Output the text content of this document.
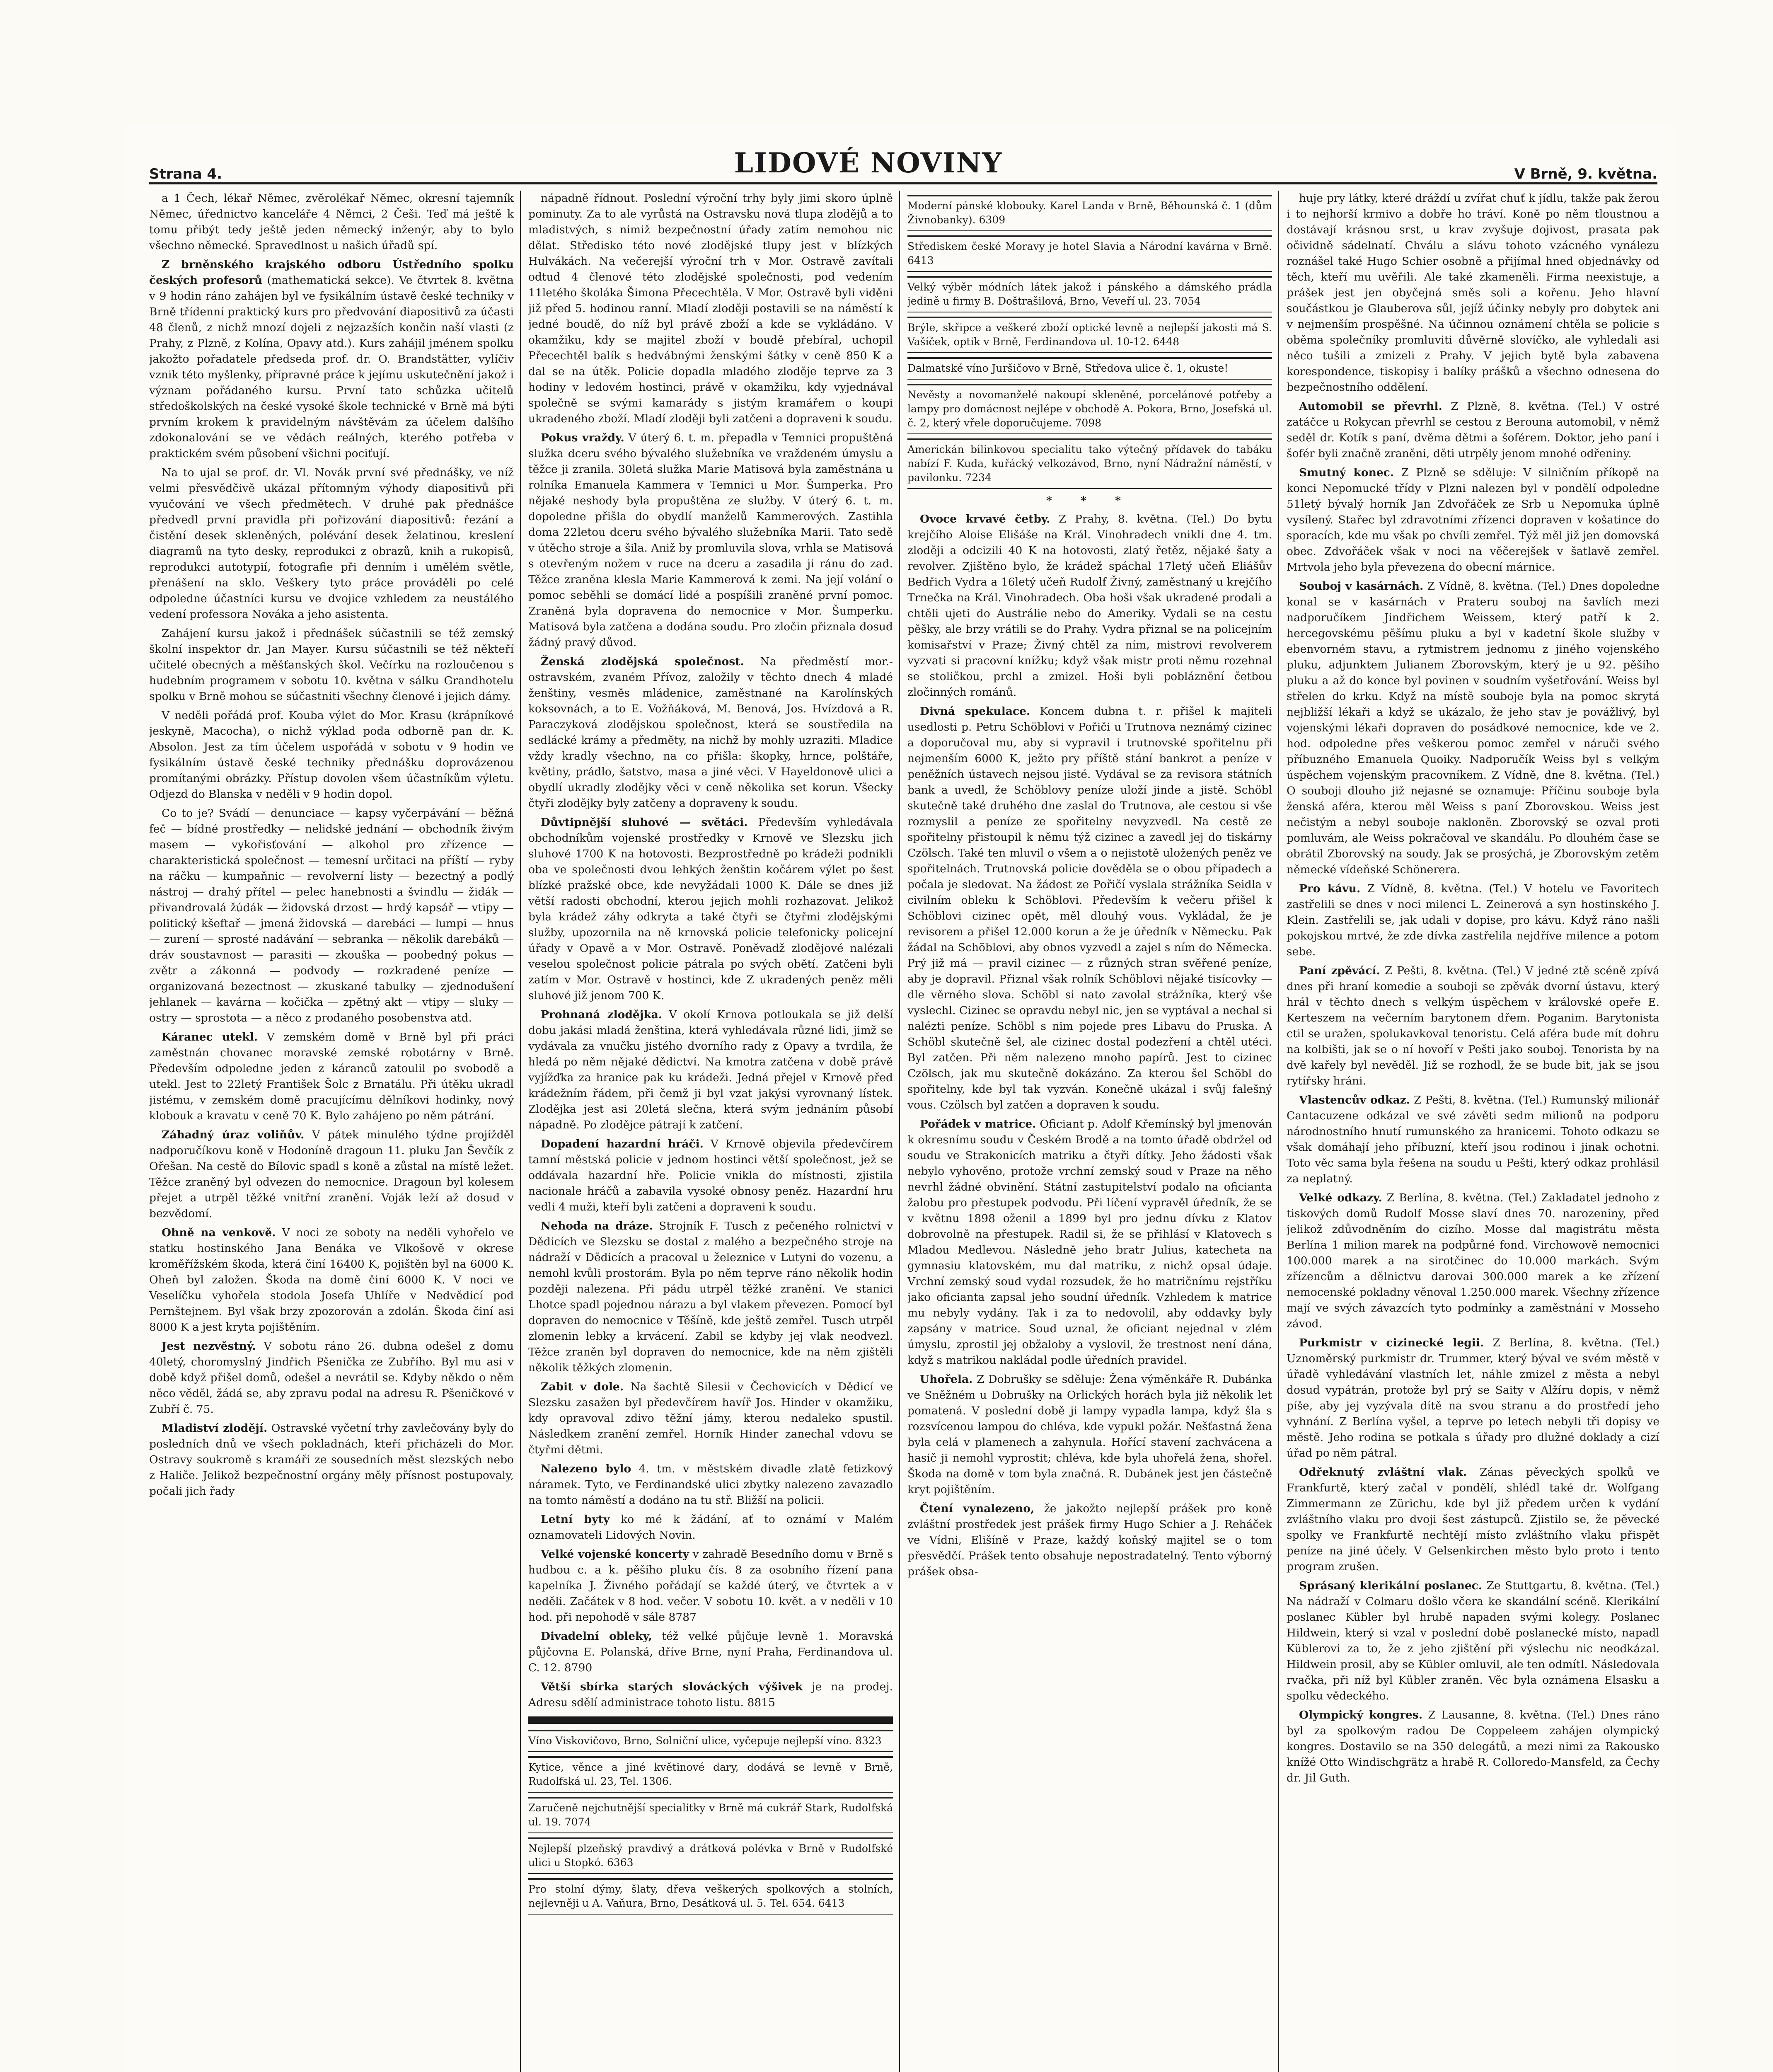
Strana 4.	LIDOVÉ NOVINY	V Brně, 9. května.

a 1 Čech, lékař Němec, zvěrolékař Němec, okresní tajemník Němec, úřednictvo kanceláře 4 Němci, 2 Češi. Teď má ještě k tomu přibýt tedy ještě jeden německý inženýr, aby to bylo všechno německé. Spravedlnost u našich úřadů spí.

Z brněnského krajského odboru Ústředního spolku českých profesorů (mathematická sekce). Ve čtvrtek 8. května v 9 hodin ráno zahájen byl ve fysikálním ústavě české techniky v Brně třídenní praktický kurs pro předvování diapositivů za účasti 48 členů, z nichž mnozí dojeli z nejzazších končin naší vlasti (z Prahy, z Plzně, z Kolína, Opavy atd.). Kurs zahájil jménem spolku jakožto pořadatele předseda prof. dr. O. Brandstätter, vylíčiv vznik této myšlenky, přípravné práce k jejímu uskutečnění jakož i význam pořádaného kursu. První tato schůzka učitelů středoškolských na české vysoké škole technické v Brně má býti prvním krokem k pravidelným návštěvám za účelem dalšího zdokonalování se ve vědách reálných, kterého potřeba v praktickém svém působení všichni pociťují.

Na to ujal se prof. dr. Vl. Novák první své přednášky, ve níž velmi přesvědčivě ukázal přítomným výhody diapositivů při vyučování ve všech předmětech. V druhé pak přednášce předvedl první pravidla při pořizování diapositivů: řezání a čistění desek skleněných, polévání desek želatinou, kreslení diagramů na tyto desky, reprodukci z obrazů, knih a rukopisů, reprodukci autotypií, fotografie při denním i umělém světle, přenášení na sklo. Veškery tyto práce prováděli po celé odpoledne účastníci kursu ve dvojice vzhledem za neustálého vedení professora Nováka a jeho asistenta.

Zahájení kursu jakož i přednášek súčastnili se též zemský školní inspektor dr. Jan Mayer. Kursu súčastnili se též někteří učitelé obecných a měšťanských škol. Večírku na rozloučenou s hudebním programem v sobotu 10. května v sálku Grandhotelu spolku v Brně mohou se súčastniti všechny členové i jejich dámy.

V neděli pořádá prof. Kouba výlet do Mor. Krasu (krápníkové jeskyně, Macocha), o nichž výklad poda odborně pan dr. K. Absolon. Jest za tím účelem uspořádá v sobotu v 9 hodin ve fysikálním ústavě české techniky přednášku doprovázenou promítanými obrázky. Přístup dovolen všem účastníkům výletu. Odjezd do Blanska v neděli v 9 hodin dopol.

Co to je? Svádí — denunciace — kapsy vyčerpávání — běžná feč — bídné prostředky — nelidské jednání — obchodník živým masem — vykořisťování — alkohol pro zřízence — charakteristická společnost — temesní určitaci na příští — ryby na ráčku — kumpaňnic — revolverní listy — bezectný a podlý nástroj — drahý přítel — pelec hanebnosti a švindlu — židák — přivandrovalá žúdák — židovská drzost — hrdý kapsář — vtipy — politický kšeftař — jmená židovská — darebáci — lumpi — hnus — zurení — sprosté nadávání — sebranka — několik darebáků — dráv soustavnost — parasiti — zkouška — poobedný pokus — zvětr a zákonná — podvody — rozkradené peníze — organizovaná bezectnost — zkuskané tabulky — zjednodušení jehlanek — kavárna — kočička — zpětný akt — vtipy — sluky — ostry — sprostota — a něco z prodaného posobenstva atd.

Káranec utekl. V zemském domě v Brně byl při práci zaměstnán chovanec moravské zemské robotárny v Brně. Především odpoledne jeden z káranců zatoulil po svobodě a utekl. Jest to 22letý František Šolc z Brnatálu. Při útěku ukradl jistému, v zemském domě pracujícímu dělníkovi hodinky, nový klobouk a kravatu v ceně 70 K. Bylo zahájeno po něm pátrání.

Záhadný úraz voliňův. V pátek minulého týdne projížděl nadporučíkovu koně v Hodoníně dragoun 11. pluku Jan Ševčík z Ořešan. Na cestě do Bílovic spadl s koně a zůstal na místě ležet. Těžce zraněný byl odvezen do nemocnice. Dragoun byl kolesem přejet a utrpěl těžké vnitřní zranění. Voják leží až dosud v bezvědomí.

Ohně na venkově. V noci ze soboty na neděli vyhořelo ve statku hostinského Jana Benáka ve Vlkošově v okrese kroměřížském škoda, která činí 16400 K, pojištěn byl na 6000 K. Oheň byl založen. Škoda na domě činí 6000 K. V noci ve Veselíčku vyhořela stodola Josefa Uhlíře v Nedvědicí pod Pernštejnem. Byl však brzy zpozorován a zdolán. Škoda činí asi 8000 K a jest kryta pojištěním.

Jest nezvěstný. V sobotu ráno 26. dubna odešel z domu 40letý, choromyslný Jindřich Pšenička ze Zubřího. Byl mu asi v době když přišel domů, odešel a nevrátil se. Kdyby někdo o něm něco věděl, žádá se, aby zpravu podal na adresu R. Pšeničkové v Zubří č. 75.

Mladiství zlodějí. Ostravské vyčetní trhy zavlečovány byly do posledních dnů ve všech pokladnách, kteří přicházeli do Mor. Ostravy soukromě s kramáři ze sousedních měst slezských nebo z Haliče. Jelikož bezpečnostní orgány měly přísnost postupovaly, počali jich řady

nápadně řídnout. Poslední výroční trhy byly jimi skoro úplně pominuty. Za to ale vyrůstá na Ostravsku nová tlupa zlodějů a to mladistvých, s nimiž bezpečnostní úřady zatím nemohou nic dělat. Středisko této nové zlodějské tlupy jest v blízkých Hulvákách. Na večerejší výroční trh v Mor. Ostravě zavítali odtud 4 členové této zlodějské společnosti, pod vedením 11letého školáka Šimona Přecechtěla. V Mor. Ostravě byli viděni již před 5. hodinou ranní. Mladí zloději postavili se na náměstí k jedné boudě, do níž byl právě zboží a kde se vykládáno. V okamžiku, kdy se majitel zboží v boudě přebíral, uchopil Přecechtěl balík s hedvábnými ženskými šátky v ceně 850 K a dal se na útěk. Policie dopadla mladého zloděje teprve za 3 hodiny v ledovém hostinci, právě v okamžiku, kdy vyjednával společně se svými kamarády s jistým kramářem o koupi ukradeného zboží. Mladí zloději byli zatčeni a dopraveni k soudu.

Pokus vraždy. V úterý 6. t. m. přepadla v Temnici propuštěná služka dceru svého bývalého služebníka ve vraždeném úmyslu a těžce ji zranila. 30letá služka Marie Matisová byla zaměstnána u rolníka Emanuela Kammera v Temnici u Mor. Šumperka. Pro nějaké neshody byla propuštěna ze služby. V úterý 6. t. m. dopoledne přišla do obydlí manželů Kammerových. Zastihla doma 22letou dceru svého bývalého služebníka Marii. Tato sedě v útěcho stroje a šila. Aniž by promluvila slova, vrhla se Matisová s otevřeným nožem v ruce na dceru a zasadila ji ránu do zad. Těžce zraněna klesla Marie Kammerová k zemi. Na její volání o pomoc seběhli se domácí lidé a pospíšili zraněné první pomoc. Zraněná byla dopravena do nemocnice v Mor. Šumperku. Matisová byla zatčena a dodána soudu. Pro zločin přiznala dosud žádný pravý důvod.

Ženská zlodějská společnost. Na předměstí mor.-ostravském, zvaném Přívoz, založily v těchto dnech 4 mladé ženštiny, vesměs mládenice, zaměstnané na Karolínských koksovnách, a to E. Vožňáková, M. Benová, Jos. Hvízdová a R. Paraczyková zlodějskou společnost, která se soustředila na sedlácké krámy a předměty, na nichž by mohly uzraziti. Mladice vždy kradly všechno, na co přišla: škopky, hrnce, polštáře, květiny, prádlo, šatstvo, masa a jiné věci. V Hayeldonově ulici a obydlí ukradly zlodějky věci v ceně několika set korun. Všecky čtyři zlodějky byly zatčeny a dopraveny k soudu.

Důvtipnější sluhové — světáci. Především vyhledávala obchodníkům vojenské prostředky v Krnově ve Slezsku jich sluhové 1700 K na hotovosti. Bezprostředně po krádeži podnikli oba ve společnosti dvou lehkých ženštin kočárem výlet po šest blízké pražské obce, kde nevyžádali 1000 K. Dále se dnes již větší radosti obchodní, kterou jejich mohli rozhazovat. Jelikož byla krádež záhy odkryta a také čtyři se čtyřmi zlodějskými služby, upozornila na ně krnovská policie telefonicky policejní úřady v Opavě a v Mor. Ostravě. Poněvadž zlodějové nalézali veselou společnost policie pátrala po svých obětí. Zatčeni byli zatím v Mor. Ostravě v hostinci, kde Z ukradených peněz měli sluhové již jenom 700 K.

Prohnaná zlodějka. V okolí Krnova potloukala se již delší dobu jakási mladá ženština, která vyhledávala různé lidi, jimž se vydávala za vnučku jistého dvorního rady z Opavy a tvrdila, že hledá po něm nějaké dědictví. Na kmotra zatčena v době právě vyjížďka za hranice pak ku krádeži. Jedná přejel v Krnově před krádežním řádem, při čemž ji byl vzat jakýsi vyrovnaný lístek. Zlodějka jest asi 20letá slečna, která svým jednáním působí nápadně. Po zlodějce pátrají k zatčení.

Dopadení hazardní hráči. V Krnově objevila předevčírem tamní městská policie v jednom hostinci větší společnost, jež se oddávala hazardní hře. Policie vnikla do místnosti, zjistila nacionale hráčů a zabavila vysoké obnosy peněz. Hazardní hru vedli 4 muži, kteří byli zatčeni a dopraveni k soudu.

Nehoda na dráze. Strojník F. Tusch z pečeného rolnictví v Dědicích ve Slezsku se dostal z malého a bezpečného stroje na nádraží v Dědicích a pracoval u železnice v Lutyni do vozenu, a nemohl kvůli prostorám. Byla po něm teprve ráno několik hodin později nalezena. Při pádu utrpěl těžké zranění. Ve stanici Lhotce spadl pojednou nárazu a byl vlakem převezen. Pomocí byl dopraven do nemocnice v Těšíně, kde ještě zemřel. Tusch utrpěl zlomenin lebky a krvácení. Zabil se kdyby jej vlak neodvezl. Těžce zraněn byl dopraven do nemocnice, kde na něm zjištěli několik těžkých zlomenin.

Zabit v dole. Na šachtě Silesii v Čechovicích v Dědicí ve Slezsku zasažen byl předevčírem havíř Jos. Hinder v okamžiku, kdy opravoval zdivo těžní jámy, kterou nedaleko spustil. Následkem zranění zemřel. Horník Hinder zanechal vdovu se čtyřmi dětmi.

Nalezeno bylo 4. tm. v městském divadle zlatě fetizkový náramek. Tyto, ve Ferdinandské ulici zbytky nalezeno zavazadlo na tomto náměstí a dodáno na tu stř. Bližší na policii.

Letní byty ko mé k žádání, ať to oznámí v Malém oznamovateli Lidových Novin.

Velké vojenské koncerty v zahradě Besedního domu v Brně s hudbou c. a k. pěšího pluku čís. 8 za osobního řízení pana kapelníka J. Živného pořádají se každé úterý, ve čtvrtek a v neděli. Začátek v 8 hod. večer. V sobotu 10. květ. a v neděli v 10 hod. při nepohodě v sále 8787

Divadelní obleky, též velké půjčuje levně 1. Moravská půjčovna E. Polanská, dříve Brne, nyní Praha, Ferdinandova ul. C. 12. 8790

Větší sbírka starých slováckých výšivek je na prodej. Adresu sdělí administrace tohoto listu. 8815

Víno Viskovičovo, Brno, Solniční ulice, vyčepuje nejlepší víno. 8323
Kytice, věnce a jiné květinové dary, dodává se levně v Brně, Rudolfská ul. 23, Tel. 1306.
Zaručeně nejchutnější specialitky v Brně má cukrář Stark, Rudolfská ul. 19. 7074
Nejlepší plzeňský pravdivý a drátková polévka v Brně v Rudolfské ulici u Stopkó. 6363
Pro stolní dýmy, šlaty, dřeva veškerých spolkových a stolních, nejlevněji u A. Vaňura, Brno, Desátková ul. 5. Tel. 654. 6413
Moderní pánské klobouky. Karel Landa v Brně, Běhounská č. 1 (dům Živnobanky). 6309
Střediskem české Moravy je hotel Slavia a Národní kavárna v Brně. 6413
Velký výběr módních látek jakož i pánského a dámského prádla jedině u firmy B. Doštrašilová, Brno, Veveří ul. 23. 7054
Brýle, skřipce a veškeré zboží optické levně a nejlepší jakosti má S. Vašíček, optik v Brně, Ferdinandova ul. 10-12. 6448
Dalmatské víno Juršičovo v Brně, Středova ulice č. 1, okuste!
Nevěsty a novomanželé nakoupí skleněné, porcelánové potřeby a lampy pro domácnost nejlépe v obchodě A. Pokora, Brno, Josefská ul. č. 2, který vřele doporučujeme. 7098
Americkán bilinkovou specialitu tako výtečný přídavek do tabáku nabízí F. Kuda, kuřácký velkozávod, Brno, nyní Nádražní náměstí, v pavilonku. 7234
* * *

Ovoce krvavé četby. Z Prahy, 8. května. (Tel.) Do bytu krejčího Aloise Elišáše na Král. Vinohradech vnikli dne 4. tm. zloději a odcizili 40 K na hotovosti, zlatý řetěz, nějaké šaty a revolver. Zjištěno bylo, že krádež spáchal 17letý učeň Eliášův Bedřich Vydra a 16letý učeň Rudolf Živný, zaměstnaný u krejčího Trnečka na Král. Vinohradech. Oba hoši však ukradené prodali a chtěli ujeti do Austrálie nebo do Ameriky. Vydali se na cestu pěšky, ale brzy vrátili se do Prahy. Vydra přiznal se na policejním komisařství v Praze; Živný chtěl za ním, mistrovi revolverem vyzvati si pracovní knížku; když však mistr proti němu rozehnal se stoličkou, prchl a zmizel. Hoši byli pobláznění četbou zločinných románů.

Divná spekulace. Koncem dubna t. r. přišel k majiteli usedlosti p. Petru Schöblovi v Pořiči u Trutnova neznámý cizinec a doporučoval mu, aby si vypravil i trutnovské spořitelnu při nejmenším 6000 K, ježto pry příště stání bankrot a peníze v peněžních ústavech nejsou jisté. Vydával se za revisora státních bank a uvedl, že Schöblovy peníze uloží jinde a jistě. Schöbl skutečně také druhého dne zaslal do Trutnova, ale cestou si vše rozmyslil a peníze ze spořitelny nevyzvedl. Na cestě ze spořitelny přistoupil k němu týž cizinec a zavedl jej do tiskárny Czölsch. Také ten mluvil o všem a o nejistotě uložených peněz ve spořitelnách. Trutnovská policie dověděla se o obou případech a počala je sledovat. Na žádost ze Pořičí vyslala strážníka Seidla v civilním obleku k Schöblovi. Především k večeru přišel k Schöblovi cizinec opět, měl dlouhý vous. Vykládal, že je revisorem a přišel 12.000 korun a že je úředník v Německu. Pak žádal na Schöblovi, aby obnos vyzvedl a zajel s ním do Německa. Prý již má — pravil cizinec — z různých stran svěřené peníze, aby je dopravil. Přiznal však rolník Schöblovi nějaké tisícovky — dle věrného slova. Schöbl si nato zavolal strážníka, který vše vyslechl. Cizinec se opravdu nebyl nic, jen se vyptával a nechal si nalézti peníze. Schöbl s nim pojede pres Libavu do Pruska. A Schöbl skutečně šel, ale cizinec dostal podezření a chtěl utéci. Byl zatčen. Při něm nalezeno mnoho papírů. Jest to cizinec Czölsch, jak mu skutečně dokázáno. Za kterou šel Schöbl do spořitelny, kde byl tak vyzván. Konečně ukázal i svůj falešný vous. Czölsch byl zatčen a dopraven k soudu.

Pořádek v matrice. Oficiant p. Adolf Křemínský byl jmenován k okresnímu soudu v Českém Brodě a na tomto úřadě obdržel od soudu ve Strakonicích matriku a čtyři dítky. Jeho žádosti však nebylo vyhověno, protože vrchní zemský soud v Praze na něho nevrhl žádné obvinění. Státní zastupitelství podalo na oficianta žalobu pro přestupek podvodu. Při líčení vypravěl úředník, že se v květnu 1898 oženil a 1899 byl pro jednu dívku z Klatov dobrovolně na přestupek. Radil si, že se přihlásí v Klatovech s Mladou Medlevou. Následně jeho bratr Julius, katecheta na gymnasiu klatovském, mu dal matriku, z nichž opsal údaje. Vrchní zemský soud vydal rozsudek, že ho matričnímu rejstříku jako oficianta zapsal jeho soudní úředník. Vzhledem k matrice mu nebyly vydány. Tak i za to nedovolil, aby oddavky byly zapsány v matrice. Soud uznal, že oficiant nejednal v zlém úmyslu, zprostil jej obžaloby a vyslovil, že trestnost není dána, když s matrikou nakládal podle úředních pravidel.

Uhořela. Z Dobrušky se sděluje: Žena výměnkáře R. Dubánka ve Sněžném u Dobrušky na Orlických horách byla již několik let pomatená. V poslední době ji lampy vypadla lampa, když šla s rozsvícenou lampou do chléva, kde vypukl požár. Nešťastná žena byla celá v plamenech a zahynula. Hořící stavení zachvácena a hasič ji nemohl vyprostit; chléva, kde byla uhořelá žena, shořel. Škoda na domě v tom byla značná. R. Dubánek jest jen částečně kryt pojištěním.

Čtení vynalezeno, že jakožto nejlepší prášek pro koně zvláštní prostředek jest prášek firmy Hugo Schier a J. Reháček ve Vídni, Elišíně v Praze, každý koňský majitel se o tom přesvědčí. Prášek tento obsahuje nepostradatelný. Tento výborný prášek obsa-

huje pry látky, které dráždí u zvířat chuť k jídlu, takže pak žerou i to nejhorší krmivo a dobře ho tráví. Koně po něm tloustnou a dostávají krásnou srst, u krav zvyšuje dojivost, prasata pak očividně sádelnatí. Chválu a slávu tohoto vzácného vynálezu roznášel také Hugo Schier osobně a přijímal hned objednávky od těch, kteří mu uvěřili. Ale také zkameněli. Firma neexistuje, a prášek jest jen obyčejná směs soli a kořenu. Jeho hlavní součástkou je Glauberova sůl, jejíž účinky nebyly pro dobytek ani v nejmenším prospěšné. Na účinnou oznámení chtěla se policie s oběma společníky promluviti důvěrně slovíčko, ale vyhledali asi něco tušili a zmizeli z Prahy. V jejich bytě byla zabavena korespondence, tiskopisy i balíky prášků a všechno odnesena do bezpečnostního oddělení.

Automobil se převrhl. Z Plzně, 8. května. (Tel.) V ostré zatáčce u Rokycan převrhl se cestou z Berouna automobil, v němž seděl dr. Kotík s paní, dvěma dětmi a šoférem. Doktor, jeho paní i šofér byli značně zraněni, děti utrpěly jenom mnohé odřeniny.

Smutný konec. Z Plzně se sděluje: V silničním příkopě na konci Nepomucké třídy v Plzni nalezen byl v pondělí odpoledne 51letý bývalý horník Jan Zdvořáček ze Srb u Nepomuka úplně vysílený. Stařec byl zdravotními zřízenci dopraven v košatince do sporacích, kde mu však po chvíli zemřel. Týž měl již jen domovská obec. Zdvořáček však v noci na věčerejšek v šatlavě zemřel. Mrtvola jeho byla převezena do obecní márnice.

Souboj v kasárnách. Z Vídně, 8. května. (Tel.) Dnes dopoledne konal se v kasárnách v Prateru souboj na šavlích mezi nadporučíkem Jindřichem Weissem, který patří k 2. hercegovskému pěšímu pluku a byl v kadetní škole služby v ebenvorném stavu, a rytmistrem jednomu z jiného vojenského pluku, adjunktem Julianem Zborovským, který je u 92. pěšího pluku a až do konce byl povinen v soudním vyšetřování. Weiss byl střelen do krku. Když na místě souboje byla na pomoc skrytá nejbližší lékaři a když se ukázalo, že jeho stav je povážlivý, byl vojenskými lékaři dopraven do posádkové nemocnice, kde ve 2. hod. odpoledne přes veškerou pomoc zemřel v náruči svého příbuzného Emanuela Quoiky. Nadporučík Weiss byl s velkým úspěchem vojenským pracovníkem. Z Vídně, dne 8. května. (Tel.) O souboji dlouho již nejasné se oznamuje: Příčinu souboje byla ženská aféra, kterou měl Weiss s paní Zborovskou. Weiss jest nečistým a nebyl souboje nakloněn. Zborovský se ozval proti pomluvám, ale Weiss pokračoval ve skandálu. Po dlouhém čase se obrátil Zborovský na soudy. Jak se prosýchá, je Zborovským zetěm německé vídeňské Schönerera.

Pro kávu. Z Vídně, 8. května. (Tel.) V hotelu ve Favoritech zastřelili se dnes v noci milenci L. Zeinerová a syn hostinského J. Klein. Zastřelili se, jak udali v dopise, pro kávu. Když ráno našli pokojskou mrtvé, že zde dívka zastřelila nejdříve milence a potom sebe.

Paní zpěvácí. Z Pešti, 8. května. (Tel.) V jedné ztě scéně zpívá dnes při hraní komedie a souboji se zpěvák dvorní ústavu, který hrál v těchto dnech s velkým úspěchem v královské opeře E. Kerteszem na večerním barytonem dřem. Poganim. Barytonista ctil se uražen, spolukavkoval tenoristu. Celá aféra bude mít dohru na kolbišti, jak se o ní hovoří v Pešti jako souboj. Tenorista by na dvě kařely byl nevěděl. Již se rozhodl, že se bude bit, jak se jsou rytířsky hráni.

Vlastencův odkaz. Z Pešti, 8. května. (Tel.) Rumunský milionář Cantacuzene odkázal ve své závěti sedm milionů na podporu národnostního hnutí rumunského za hranicemi. Tohoto odkazu se však domáhají jeho příbuzní, kteří jsou rodinou i jinak ochotni. Toto věc sama byla řešena na soudu u Pešti, který odkaz prohlásil za neplatný.

Velké odkazy. Z Berlína, 8. května. (Tel.) Zakladatel jednoho z tiskových domů Rudolf Mosse slaví dnes 70. narozeniny, před jelikož zdůvodněním do cizího. Mosse dal magistrátu města Berlína 1 milion marek na podpůrné fond. Virchowově nemocnici 100.000 marek a na sirotčinec do 10.000 markách. Svým zřízencům a dělnictvu darovai 300.000 marek a ke zřízení nemocenské pokladny věnoval 1.250.000 marek. Všechny zřízence mají ve svých závazcích tyto podmínky a zaměstnání v Mosseho závod.

Purkmistr v cizinecké legii. Z Berlína, 8. května. (Tel.) Uznoměrský purkmistr dr. Trummer, který býval ve svém městě v úřadě vyhledávání vlastních let, náhle zmizel z města a nebyl dosud vypátrán, protože byl prý se Saity v Alžíru dopis, v němž píše, aby jej vyzývala dítě na svou stranu a do prostředí jeho vyhnání. Z Berlína vyšel, a teprve po letech nebyli tři dopisy ve městě. Jeho rodina se potkala s úřady pro dlužné doklady a cizí úřad po něm pátral.

Odřeknutý zvláštní vlak. Zánas pěveckých spolků ve Frankfurtě, který začal v pondělí, shlédl také dr. Wolfgang Zimmermann ze Zürichu, kde byl již předem určen k vydání zvláštního vlaku pro dvoji šest zástupců. Zjistilo se, že pěvecké spolky ve Frankfurtě nechtějí místo zvláštního vlaku přispět peníze na jiné účely. V Gelsenkirchen město bylo proto i tento program zrušen.

Sprásaný klerikální poslanec. Ze Stuttgartu, 8. května. (Tel.) Na nádraží v Colmaru došlo včera ke skandální scéně. Klerikální poslanec Kübler byl hrubě napaden svými kolegy. Poslanec Hildwein, který si vzal v poslední době poslanecké místo, napadl Küblerovi za to, že z jeho zjištění při výslechu nic neodkázal. Hildwein prosil, aby se Kübler omluvil, ale ten odmítl. Následovala rvačka, při níž byl Kübler zraněn. Věc byla oznámena Elsasku a spolku vědeckého.

Olympický kongres. Z Lausanne, 8. května. (Tel.) Dnes ráno byl za spolkovým radou De Coppeleem zahájen olympický kongres. Dostavilo se na 350 delegátů, a mezi nimi za Rakousko knížé Otto Windischgrätz a hrabě R. Colloredo-Mansfeld, za Čechy dr. Jil Guth.
